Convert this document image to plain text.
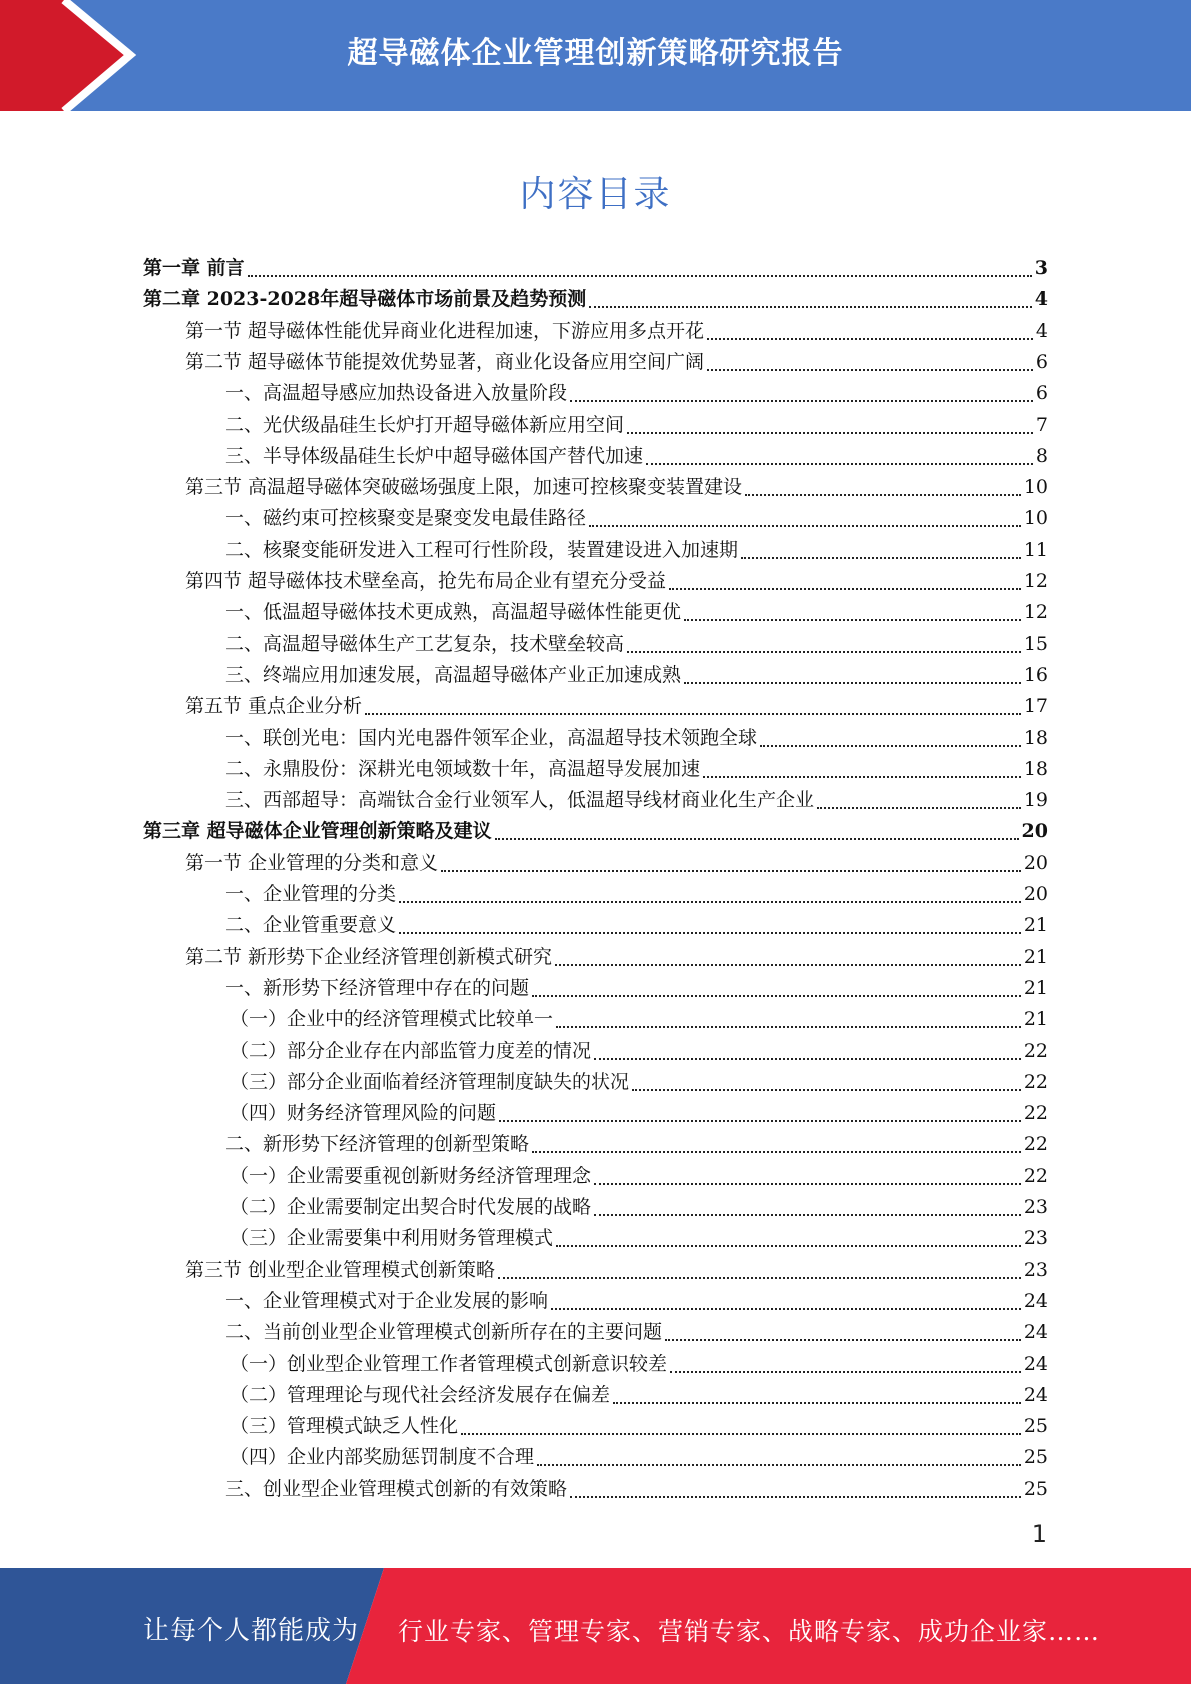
超导磁体企业管理创新策略研究报告
内容目录
第一章 前言	3
第二章 2023-2028年超导磁体市场前景及趋势预测	4
第一节 超导磁体性能优异商业化进程加速，下游应用多点开花	4
第二节 超导磁体节能提效优势显著，商业化设备应用空间广阔	6
一、高温超导感应加热设备进入放量阶段	6
二、光伏级晶硅生长炉打开超导磁体新应用空间	7
三、半导体级晶硅生长炉中超导磁体国产替代加速	8
第三节 高温超导磁体突破磁场强度上限，加速可控核聚变装置建设	10
一、磁约束可控核聚变是聚变发电最佳路径	10
二、核聚变能研发进入工程可行性阶段，装置建设进入加速期	11
第四节 超导磁体技术壁垒高，抢先布局企业有望充分受益	12
一、低温超导磁体技术更成熟，高温超导磁体性能更优	12
二、高温超导磁体生产工艺复杂，技术壁垒较高	15
三、终端应用加速发展，高温超导磁体产业正加速成熟	16
第五节 重点企业分析	17
一、联创光电：国内光电器件领军企业，高温超导技术领跑全球	18
二、永鼎股份：深耕光电领域数十年，高温超导发展加速	18
三、西部超导：高端钛合金行业领军人，低温超导线材商业化生产企业	19
第三章 超导磁体企业管理创新策略及建议	20
第一节 企业管理的分类和意义	20
一、企业管理的分类	20
二、企业管重要意义	21
第二节 新形势下企业经济管理创新模式研究	21
一、新形势下经济管理中存在的问题	21
（一）企业中的经济管理模式比较单一	21
（二）部分企业存在内部监管力度差的情况	22
（三）部分企业面临着经济管理制度缺失的状况	22
（四）财务经济管理风险的问题	22
二、新形势下经济管理的创新型策略	22
（一）企业需要重视创新财务经济管理理念	22
（二）企业需要制定出契合时代发展的战略	23
（三）企业需要集中利用财务管理模式	23
第三节 创业型企业管理模式创新策略	23
一、企业管理模式对于企业发展的影响	24
二、当前创业型企业管理模式创新所存在的主要问题	24
（一）创业型企业管理工作者管理模式创新意识较差	24
（二）管理理论与现代社会经济发展存在偏差	24
（三）管理模式缺乏人性化	25
（四）企业内部奖励惩罚制度不合理	25
三、创业型企业管理模式创新的有效策略	25
1
让每个人都能成为 行业专家、管理专家、营销专家、战略专家、成功企业家……
